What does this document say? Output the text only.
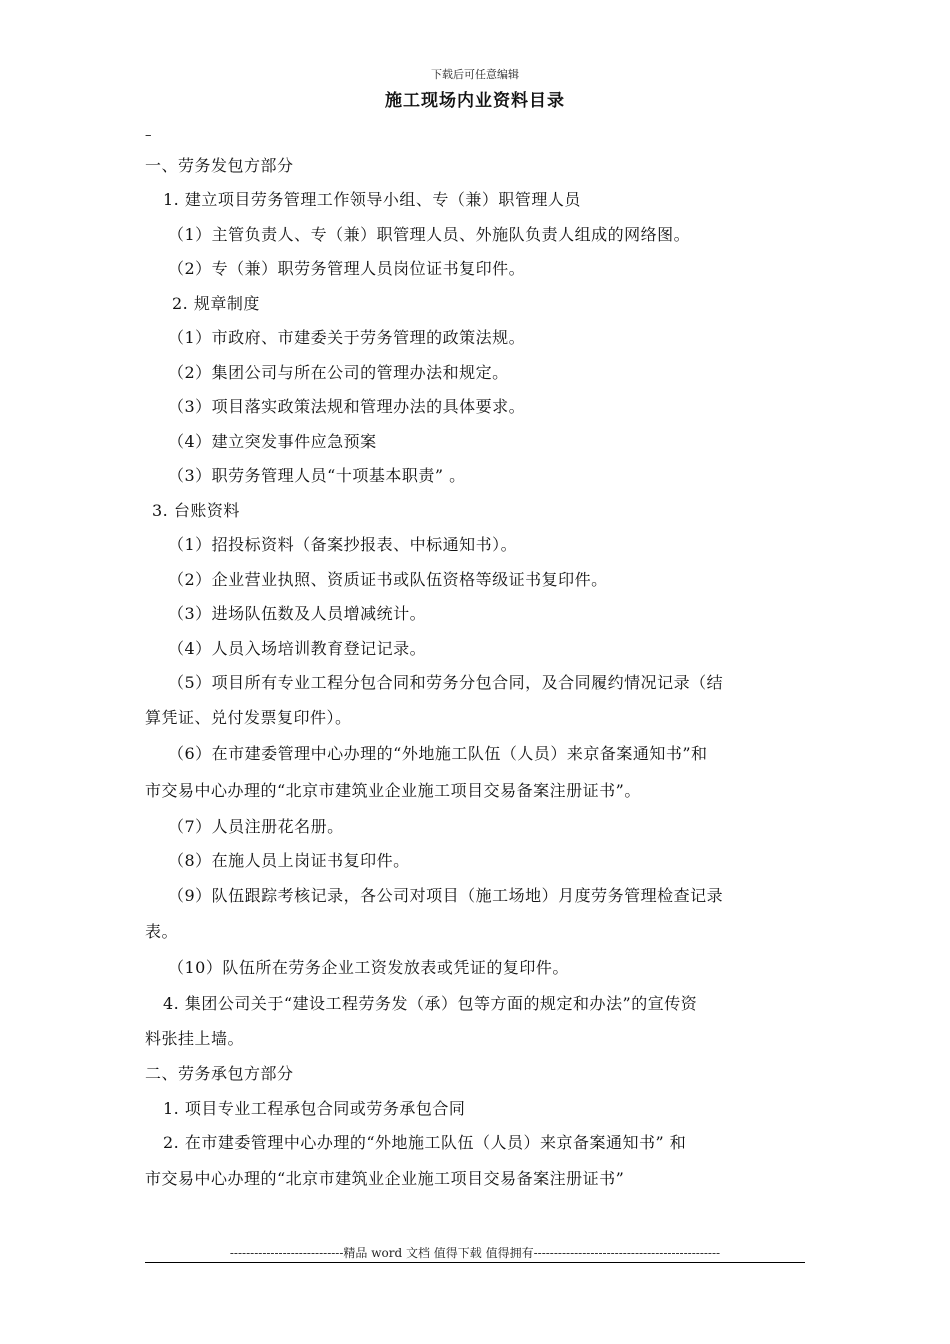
下载后可任意编辑
施工现场内业资料目录
–
一、劳务发包方部分
1. 建立项目劳务管理工作领导小组、专（兼）职管理人员
（1）主管负责人、专（兼）职管理人员、外施队负责人组成的网络图。
（2）专（兼）职劳务管理人员岗位证书复印件。
2. 规章制度
（1）市政府、市建委关于劳务管理的政策法规。
（2）集团公司与所在公司的管理办法和规定。
（3）项目落实政策法规和管理办法的具体要求。
（4）建立突发事件应急预案
（3）职劳务管理人员“十项基本职责” 。
3. 台账资料
（1）招投标资料（备案抄报表、中标通知书）。
（2）企业营业执照、资质证书或队伍资格等级证书复印件。
（3）进场队伍数及人员增减统计。
（4）人员入场培训教育登记记录。
（5）项目所有专业工程分包合同和劳务分包合同，及合同履约情况记录（结
算凭证、兑付发票复印件）。
（6）在市建委管理中心办理的“外地施工队伍（人员）来京备案通知书”和
市交易中心办理的“北京市建筑业企业施工项目交易备案注册证书”。
（7）人员注册花名册。
（8）在施人员上岗证书复印件。
（9）队伍跟踪考核记录，各公司对项目（施工场地）月度劳务管理检查记录
表。
（10）队伍所在劳务企业工资发放表或凭证的复印件。
4. 集团公司关于“建设工程劳务发（承）包等方面的规定和办法”的宣传资
料张挂上墙。
二、劳务承包方部分
1. 项目专业工程承包合同或劳务承包合同
2. 在市建委管理中心办理的“外地施工队伍（人员）来京备案通知书” 和
市交易中心办理的“北京市建筑业企业施工项目交易备案注册证书”
----------------------------精品 word 文档 值得下载 值得拥有----------------------------------------------
